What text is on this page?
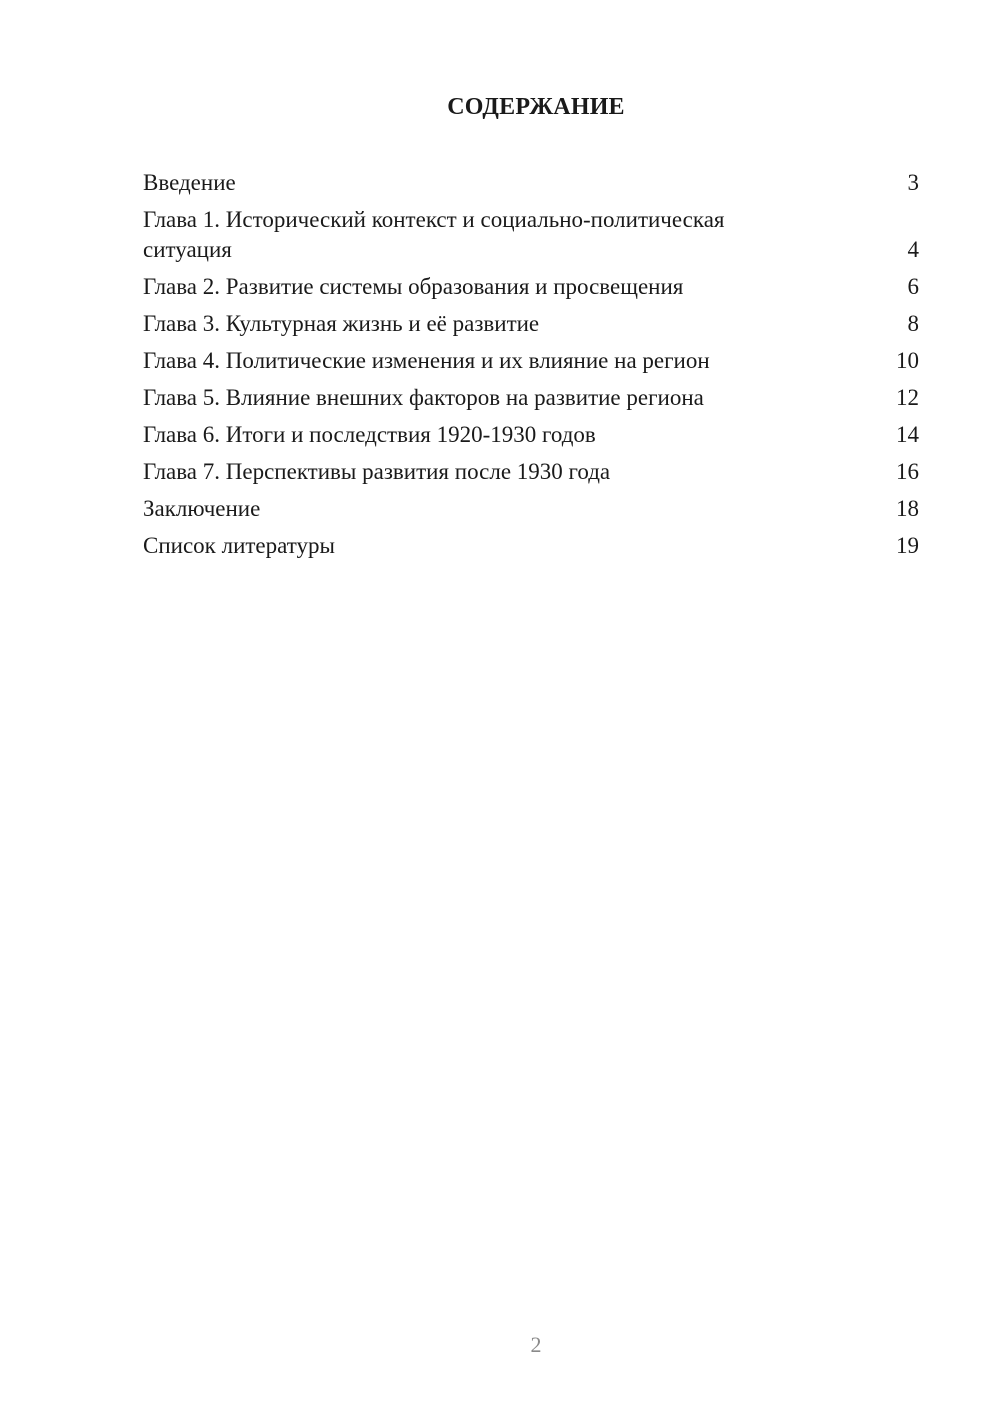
СОДЕРЖАНИЕ
Введение	3
Глава 1. Исторический контекст и социально-политическая
ситуация	4
Глава 2. Развитие системы образования и просвещения	6
Глава 3. Культурная жизнь и её развитие	8
Глава 4. Политические изменения и их влияние на регион	10
Глава 5. Влияние внешних факторов на развитие региона	12
Глава 6. Итоги и последствия 1920-1930 годов	14
Глава 7. Перспективы развития после 1930 года	16
Заключение	18
Список литературы	19
2
